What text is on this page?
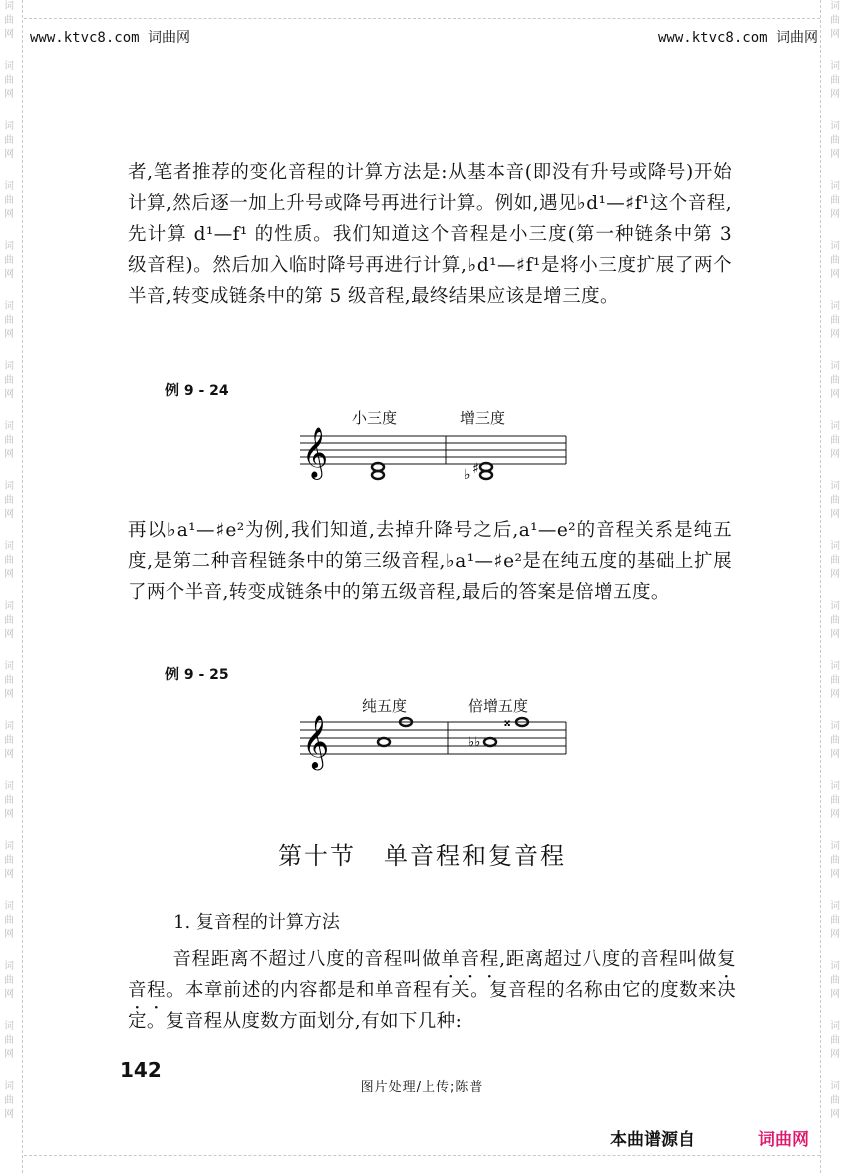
词
曲
网
词
曲
网
词
曲
网
词
曲
网
词
曲
网
词
曲
网
词
曲
网
词
曲
网
词
曲
网
词
曲
网
词
曲
网
词
曲
网
词
曲
网
词
曲
网
词
曲
网
词
曲
网
词
曲
网
词
曲
网
词
曲
网
词
曲
网
词
曲
网
词
曲
网
词
曲
网
词
曲
网
词
曲
网
词
曲
网
词
曲
网
词
曲
网
词
曲
网
词
曲
网
词
曲
网
词
曲
网
词
曲
网
词
曲
网
词
曲
网
词
曲
网
词
曲
网
词
曲
网
www.ktvc8.com 词曲网	www.ktvc8.com 词曲网

者,笔者推荐的变化音程的计算方法是:从基本音(即没有升号或降号)开始计算,然后逐一加上升号或降号再进行计算。例如,遇见♭d¹—♯f¹这个音程,先计算 d¹—f¹ 的性质。我们知道这个音程是小三度(第一种链条中第 3 级音程)。然后加入临时降号再进行计算,♭d¹—♯f¹是将小三度扩展了两个半音,转变成链条中的第 5 级音程,最终结果应该是增三度。

例 9 - 24
小三度	增三度
𝄞	♭ ♯

再以♭a¹—♯e²为例,我们知道,去掉升降号之后,a¹—e²的音程关系是纯五度,是第二种音程链条中的第三级音程,♭a¹—♯e²是在纯五度的基础上扩展了两个半音,转变成链条中的第五级音程,最后的答案是倍增五度。

例 9 - 25
纯五度	倍增五度
𝄞	♭♭
𝄪
第十节 单音程和复音程
1. 复音程的计算方法

音程距离不超过八度的音程叫做单音程,距离超过八度的音程叫做复音程。本章前述的内容都是和单音程有关。复音程的名称由它的度数来决定。复音程从度数方面划分,有如下几种:

142
图片处理/上传;陈普
本曲谱源自	词曲网
